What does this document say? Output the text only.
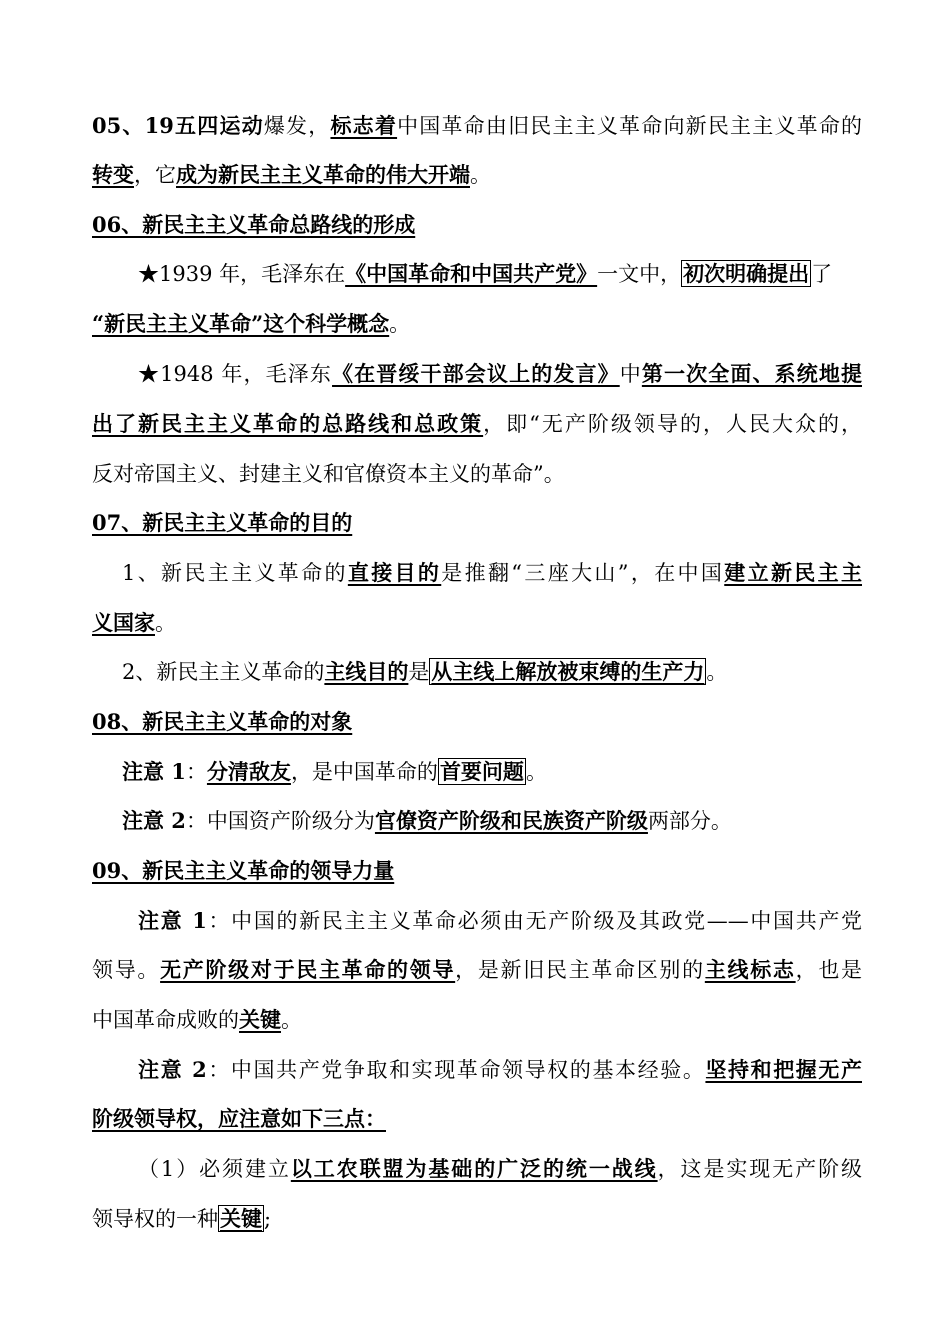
05、19五四运动爆发，标志着中国革命由旧民主主义革命向新民主主义革命的
转变，它成为新民主主义革命的伟大开端。
06、新民主主义革命总路线的形成
★1939 年，毛泽东在《中国革命和中国共产党》一文中，初次明确提出了
“新民主主义革命”这个科学概念。
★1948 年，毛泽东《在晋绥干部会议上的发言》中第一次全面、系统地提
出了新民主主义革命的总路线和总政策，即“无产阶级领导的，人民大众的，
反对帝国主义、封建主义和官僚资本主义的革命”。
07、新民主主义革命的目的
1、新民主主义革命的直接目的是推翻“三座大山”，在中国建立新民主主
义国家。
2、新民主主义革命的主线目的是从主线上解放被束缚的生产力。
08、新民主主义革命的对象
注意 1：分清敌友，是中国革命的首要问题。
注意 2：中国资产阶级分为官僚资产阶级和民族资产阶级两部分。
09、新民主主义革命的领导力量
注意 1：中国的新民主主义革命必须由无产阶级及其政党——中国共产党
领导。无产阶级对于民主革命的领导，是新旧民主革命区别的主线标志，也是
中国革命成败的关键。
注意 2：中国共产党争取和实现革命领导权的基本经验。坚持和把握无产
阶级领导权，应注意如下三点：
（1）必须建立以工农联盟为基础的广泛的统一战线，这是实现无产阶级
领导权的一种关键;
